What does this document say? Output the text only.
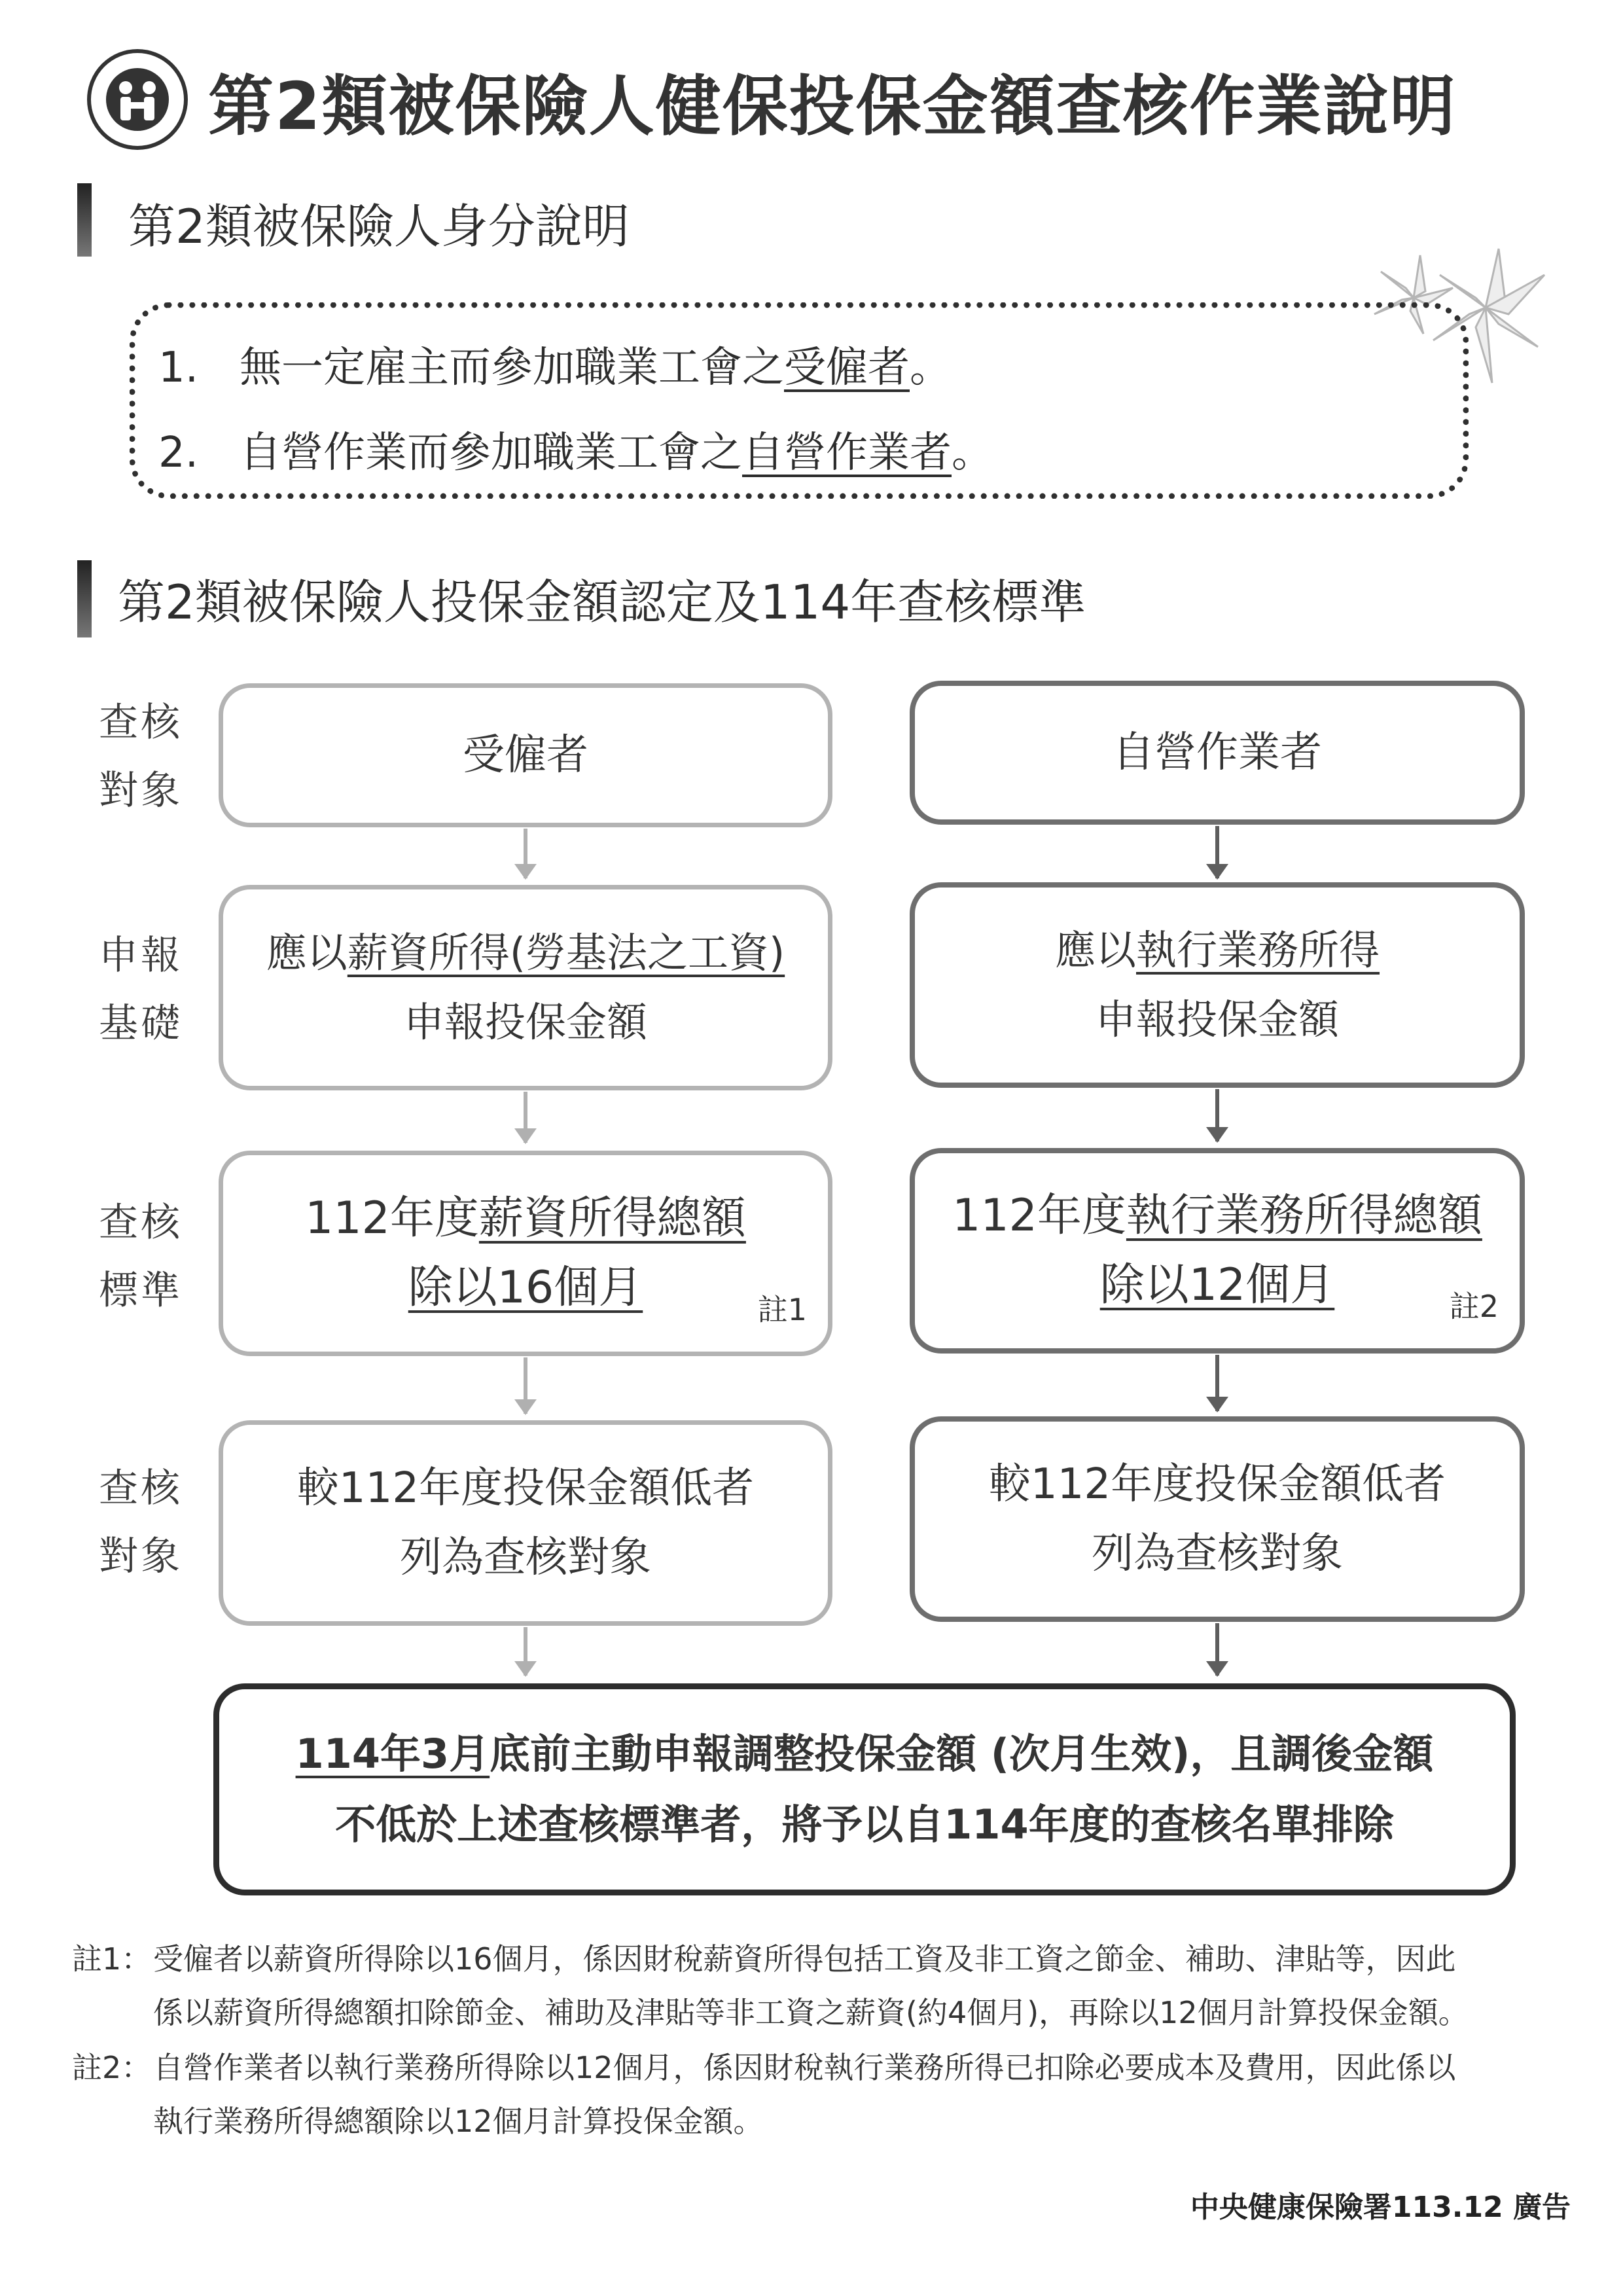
第2類被保險人健保投保金額查核作業說明
第2類被保險人身分說明
1. 無一定雇主而參加職業工會之受僱者。
2. 自營作業而參加職業工會之自營作業者。
第2類被保險人投保金額認定及114年查核標準
查核
對象
申報
基礎
查核
標準
查核
對象
受僱者
應以薪資所得(勞基法之工資)
申報投保金額
112年度薪資所得總額
除以16個月	註1
較112年度投保金額低者
列為查核對象
自營作業者
應以執行業務所得
申報投保金額
112年度執行業務所得總額
除以12個月	註2
較112年度投保金額低者
列為查核對象
114年3月底前主動申報調整投保金額 (次月生效)，且調後金額
不低於上述查核標準者，將予以自114年度的查核名單排除
註1：受僱者以薪資所得除以16個月，係因財稅薪資所得包括工資及非工資之節金、補助、津貼等，因此
係以薪資所得總額扣除節金、補助及津貼等非工資之薪資(約4個月)，再除以12個月計算投保金額。
註2：自營作業者以執行業務所得除以12個月，係因財稅執行業務所得已扣除必要成本及費用，因此係以
執行業務所得總額除以12個月計算投保金額。
中央健康保險署113.12 廣告
